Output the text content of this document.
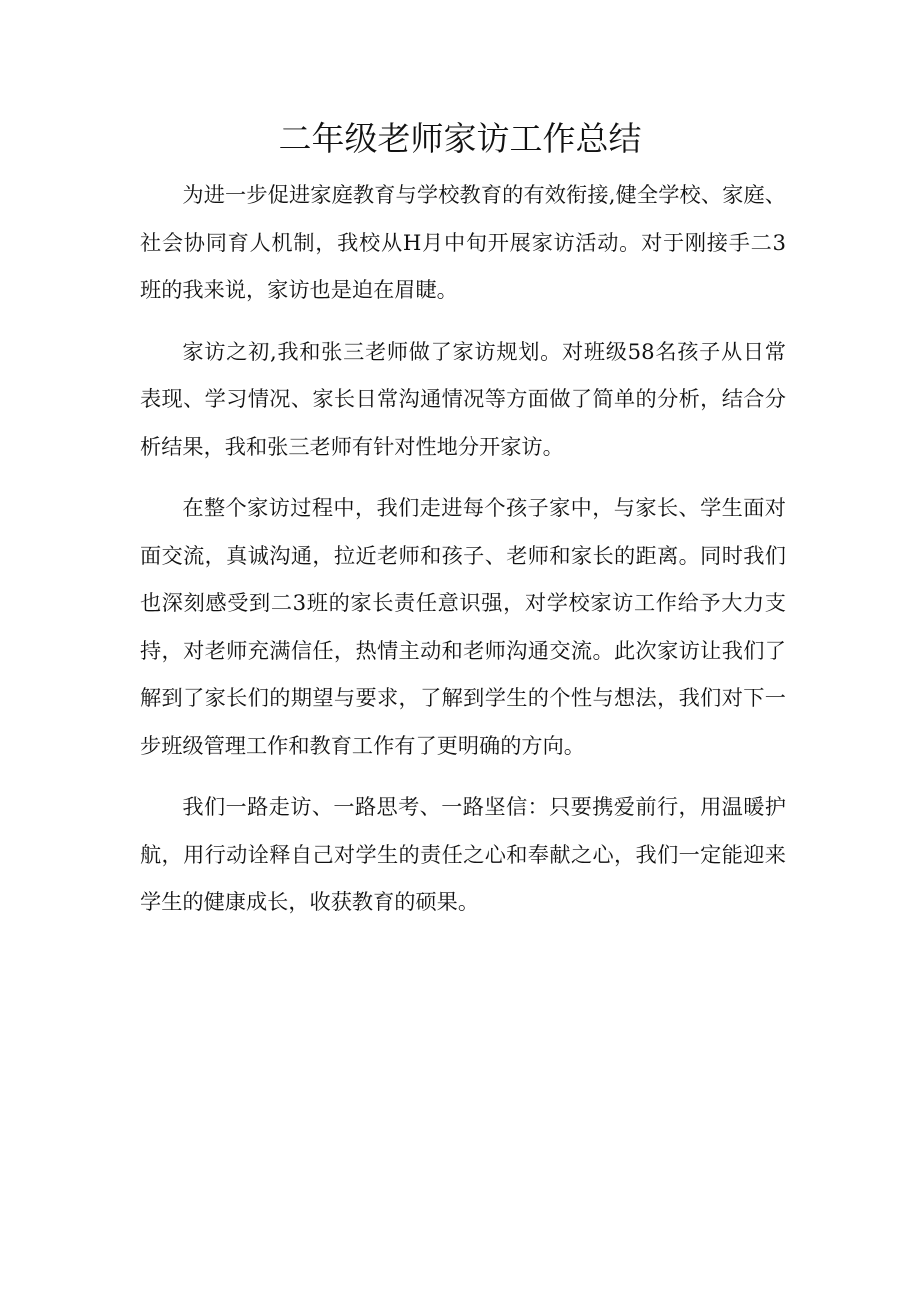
二年级老师家访工作总结

为进一步促进家庭教育与学校教育的有效衔接,健全学校、家庭、社会协同育人机制，我校从H月中旬开展家访活动。对于刚接手二3班的我来说，家访也是迫在眉睫。

家访之初,我和张三老师做了家访规划。对班级58名孩子从日常表现、学习情况、家长日常沟通情况等方面做了简单的分析，结合分析结果，我和张三老师有针对性地分开家访。

在整个家访过程中，我们走进每个孩子家中，与家长、学生面对面交流，真诚沟通，拉近老师和孩子、老师和家长的距离。同时我们也深刻感受到二3班的家长责任意识强，对学校家访工作给予大力支持，对老师充满信任，热情主动和老师沟通交流。此次家访让我们了解到了家长们的期望与要求，了解到学生的个性与想法，我们对下一步班级管理工作和教育工作有了更明确的方向。

我们一路走访、一路思考、一路坚信：只要携爱前行，用温暖护航，用行动诠释自己对学生的责任之心和奉献之心，我们一定能迎来学生的健康成长，收获教育的硕果。
